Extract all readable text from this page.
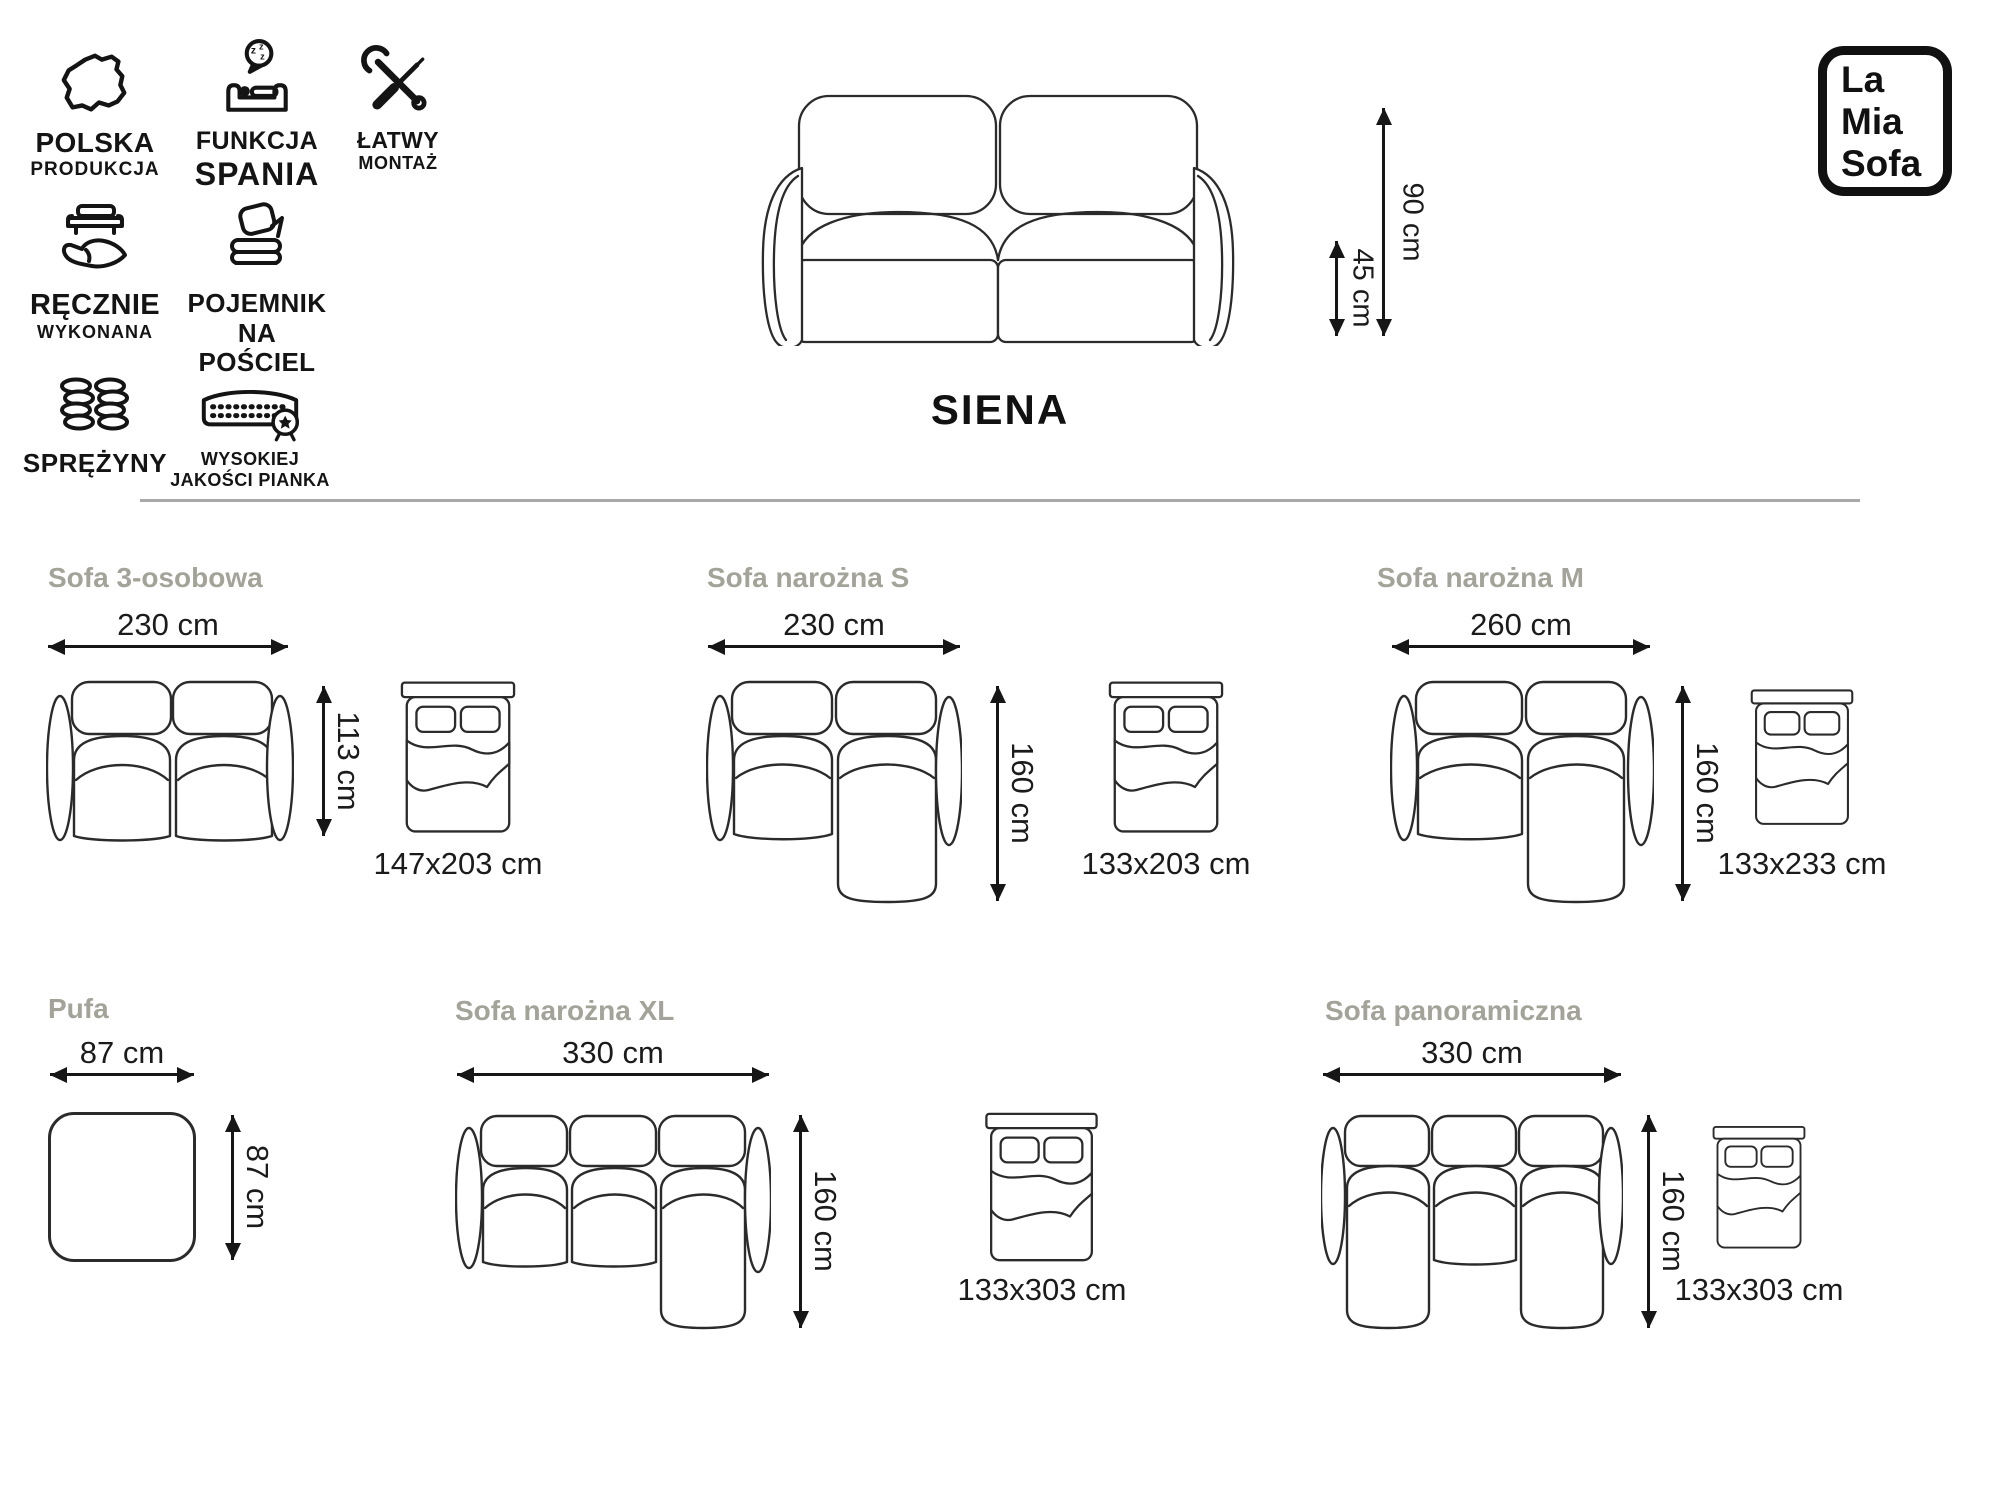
POLSKA
PRODUKCJA
z z
z
FUNKCJA
SPANIA
ŁATWY
MONTAŻ
RĘCZNIE
WYKONANA
POJEMNIK
NA POŚCIEL
SPRĘŻYNY	WYSOKIEJ
JAKOŚCI PIANKA
La
Mia
Sofa
90 cm
45 cm
SIENA
Sofa 3-osobowa
230 cm
113 cm
147x203 cm
Sofa narożna S
230 cm
160 cm
133x203 cm
Sofa narożna M
260 cm
160 cm
133x233 cm
Pufa
87 cm
87 cm
Sofa narożna XL
330 cm
160 cm
133x303 cm
Sofa panoramiczna
330 cm
160 cm
133x303 cm
